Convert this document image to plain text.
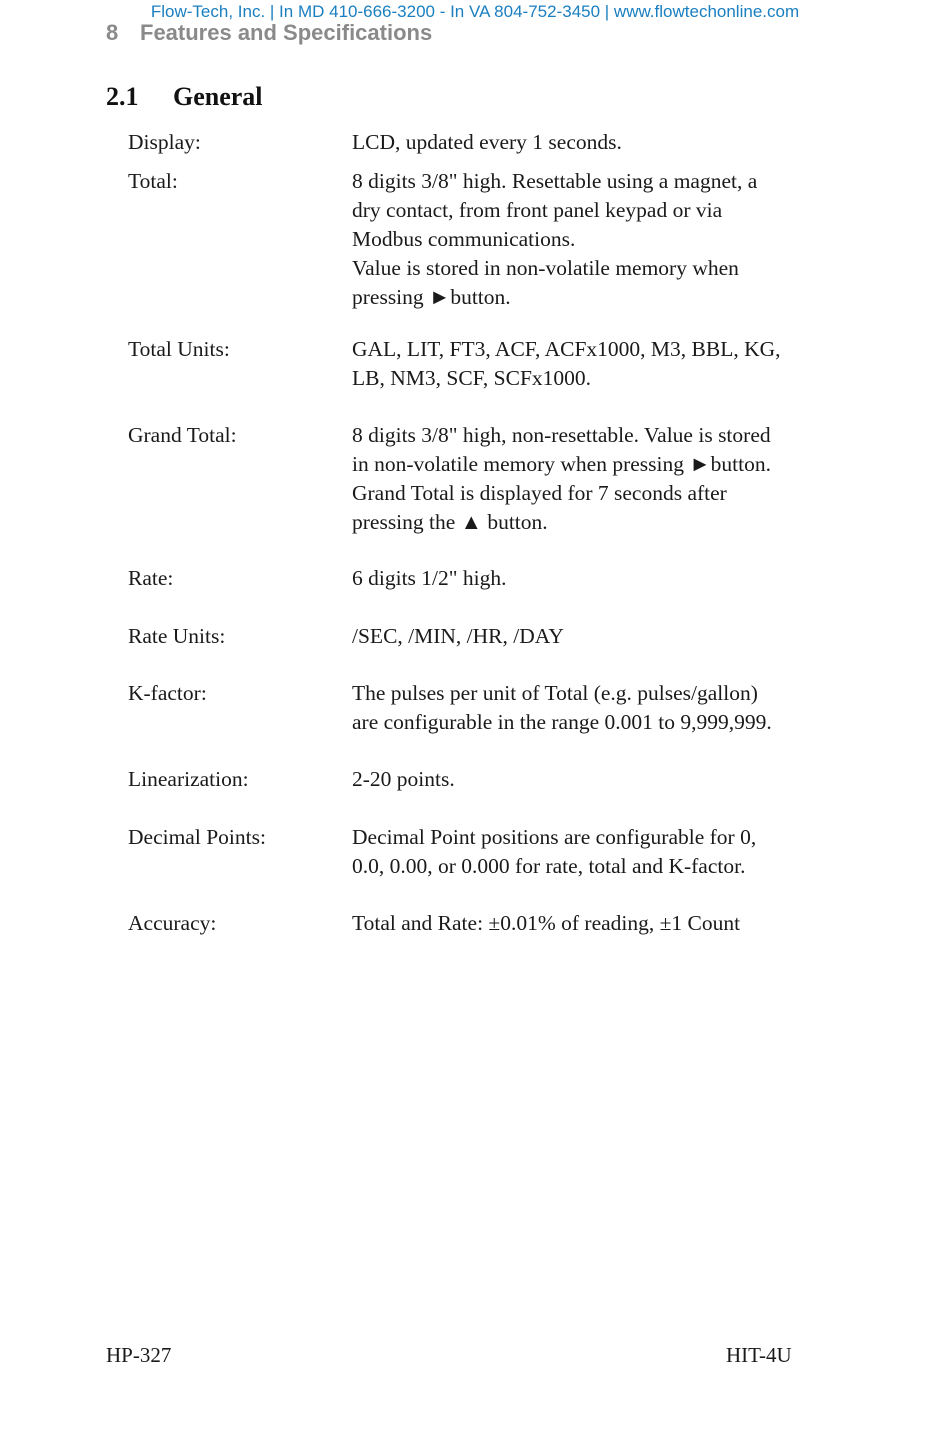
Flow-Tech, Inc. | In MD 410-666-3200 - In VA 804-752-3450 | www.flowtechonline.com
8 Features and Specifications
2.1 General
Display:	LCD, updated every 1 seconds.
Total:	8 digits 3/8" high. Resettable using a magnet, a
dry contact, from front panel keypad or via
Modbus communications.
Value is stored in non-volatile memory when
pressing ►button.
Total Units:	GAL, LIT, FT3, ACF, ACFx1000, M3, BBL, KG,
LB, NM3, SCF, SCFx1000.
Grand Total:	8 digits 3/8" high, non-resettable. Value is stored
in non-volatile memory when pressing ►button.
Grand Total is displayed for 7 seconds after
pressing the ▲ button.
Rate:	6 digits 1/2" high.
Rate Units:	/SEC, /MIN, /HR, /DAY
K-factor:	The pulses per unit of Total (e.g. pulses/gallon)
are configurable in the range 0.001 to 9,999,999.
Linearization:	2-20 points.
Decimal Points:	Decimal Point positions are configurable for 0,
0.0, 0.00, or 0.000 for rate, total and K-factor.
Accuracy:	Total and Rate: ±0.01% of reading, ±1 Count
HP-327	HIT-4U
